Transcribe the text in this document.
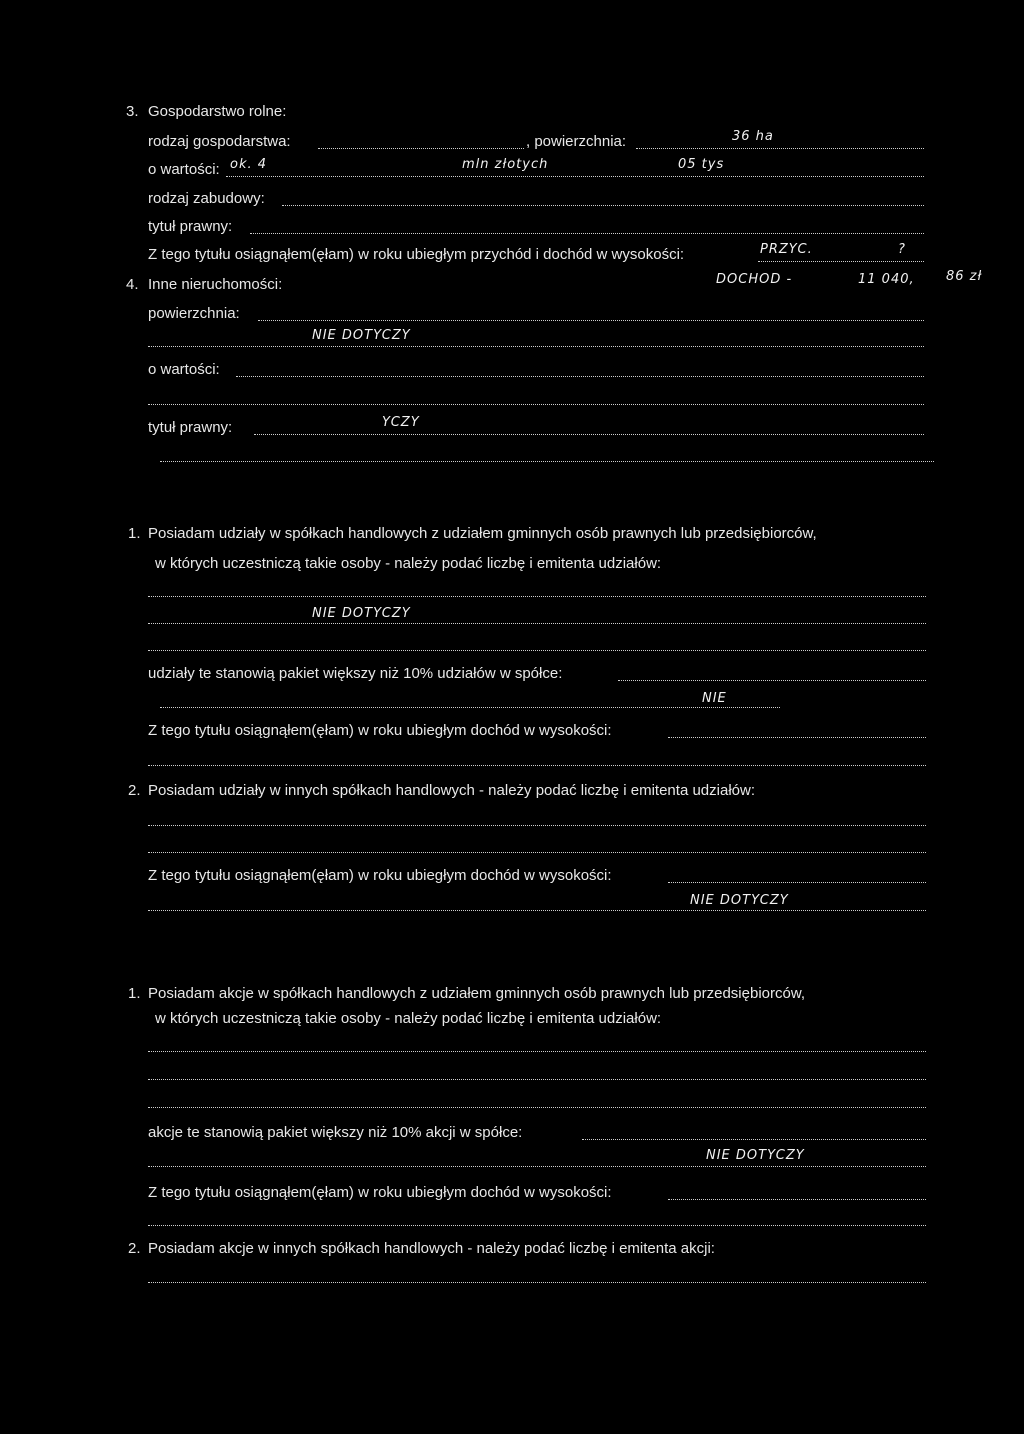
3. Gospodarstwo rolne:
rodzaj gospodarstwa:	, powierzchnia:	36 ha
o wartości: ok. 4	mln złotych	05 tys
rodzaj zabudowy:
tytuł prawny:
Z tego tytułu osiągnąłem(ęłam) w roku ubiegłym przychód i dochód w wysokości:	PRZYC.	?
DOCHOD -	11 040, 86 zł
4. Inne nieruchomości:
powierzchnia:
NIE DOTYCZY
o wartości:
tytuł prawny:	YCZY
1. Posiadam udziały w spółkach handlowych z udziałem gminnych osób prawnych lub przedsiębiorców,
w których uczestniczą takie osoby - należy podać liczbę i emitenta udziałów:
NIE DOTYCZY
udziały te stanowią pakiet większy niż 10% udziałów w spółce:
NIE
Z tego tytułu osiągnąłem(ęłam) w roku ubiegłym dochód w wysokości:
2. Posiadam udziały w innych spółkach handlowych - należy podać liczbę i emitenta udziałów:
Z tego tytułu osiągnąłem(ęłam) w roku ubiegłym dochód w wysokości:
NIE DOTYCZY
1. Posiadam akcje w spółkach handlowych z udziałem gminnych osób prawnych lub przedsiębiorców,
w których uczestniczą takie osoby - należy podać liczbę i emitenta udziałów:
akcje te stanowią pakiet większy niż 10% akcji w spółce:
NIE DOTYCZY
Z tego tytułu osiągnąłem(ęłam) w roku ubiegłym dochód w wysokości:
2. Posiadam akcje w innych spółkach handlowych - należy podać liczbę i emitenta akcji:
